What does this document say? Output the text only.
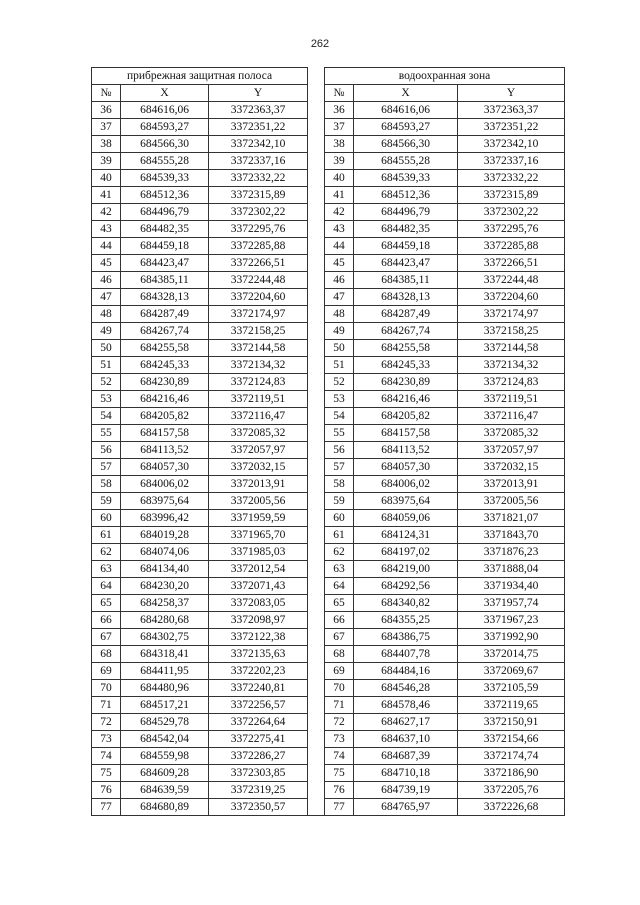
262
прибрежная защитная полоса				водоохранная зона		
№	X	Y		№	X	Y
36	684616,06	3372363,37		36	684616,06	3372363,37
37	684593,27	3372351,22		37	684593,27	3372351,22
38	684566,30	3372342,10		38	684566,30	3372342,10
39	684555,28	3372337,16		39	684555,28	3372337,16
40	684539,33	3372332,22		40	684539,33	3372332,22
41	684512,36	3372315,89		41	684512,36	3372315,89
42	684496,79	3372302,22		42	684496,79	3372302,22
43	684482,35	3372295,76		43	684482,35	3372295,76
44	684459,18	3372285,88		44	684459,18	3372285,88
45	684423,47	3372266,51		45	684423,47	3372266,51
46	684385,11	3372244,48		46	684385,11	3372244,48
47	684328,13	3372204,60		47	684328,13	3372204,60
48	684287,49	3372174,97		48	684287,49	3372174,97
49	684267,74	3372158,25		49	684267,74	3372158,25
50	684255,58	3372144,58		50	684255,58	3372144,58
51	684245,33	3372134,32		51	684245,33	3372134,32
52	684230,89	3372124,83		52	684230,89	3372124,83
53	684216,46	3372119,51		53	684216,46	3372119,51
54	684205,82	3372116,47		54	684205,82	3372116,47
55	684157,58	3372085,32		55	684157,58	3372085,32
56	684113,52	3372057,97		56	684113,52	3372057,97
57	684057,30	3372032,15		57	684057,30	3372032,15
58	684006,02	3372013,91		58	684006,02	3372013,91
59	683975,64	3372005,56		59	683975,64	3372005,56
60	683996,42	3371959,59		60	684059,06	3371821,07
61	684019,28	3371965,70		61	684124,31	3371843,70
62	684074,06	3371985,03		62	684197,02	3371876,23
63	684134,40	3372012,54		63	684219,00	3371888,04
64	684230,20	3372071,43		64	684292,56	3371934,40
65	684258,37	3372083,05		65	684340,82	3371957,74
66	684280,68	3372098,97		66	684355,25	3371967,23
67	684302,75	3372122,38		67	684386,75	3371992,90
68	684318,41	3372135,63		68	684407,78	3372014,75
69	684411,95	3372202,23		69	684484,16	3372069,67
70	684480,96	3372240,81		70	684546,28	3372105,59
71	684517,21	3372256,57		71	684578,46	3372119,65
72	684529,78	3372264,64		72	684627,17	3372150,91
73	684542,04	3372275,41		73	684637,10	3372154,66
74	684559,98	3372286,27		74	684687,39	3372174,74
75	684609,28	3372303,85		75	684710,18	3372186,90
76	684639,59	3372319,25		76	684739,19	3372205,76
77	684680,89	3372350,57		77	684765,97	3372226,68
